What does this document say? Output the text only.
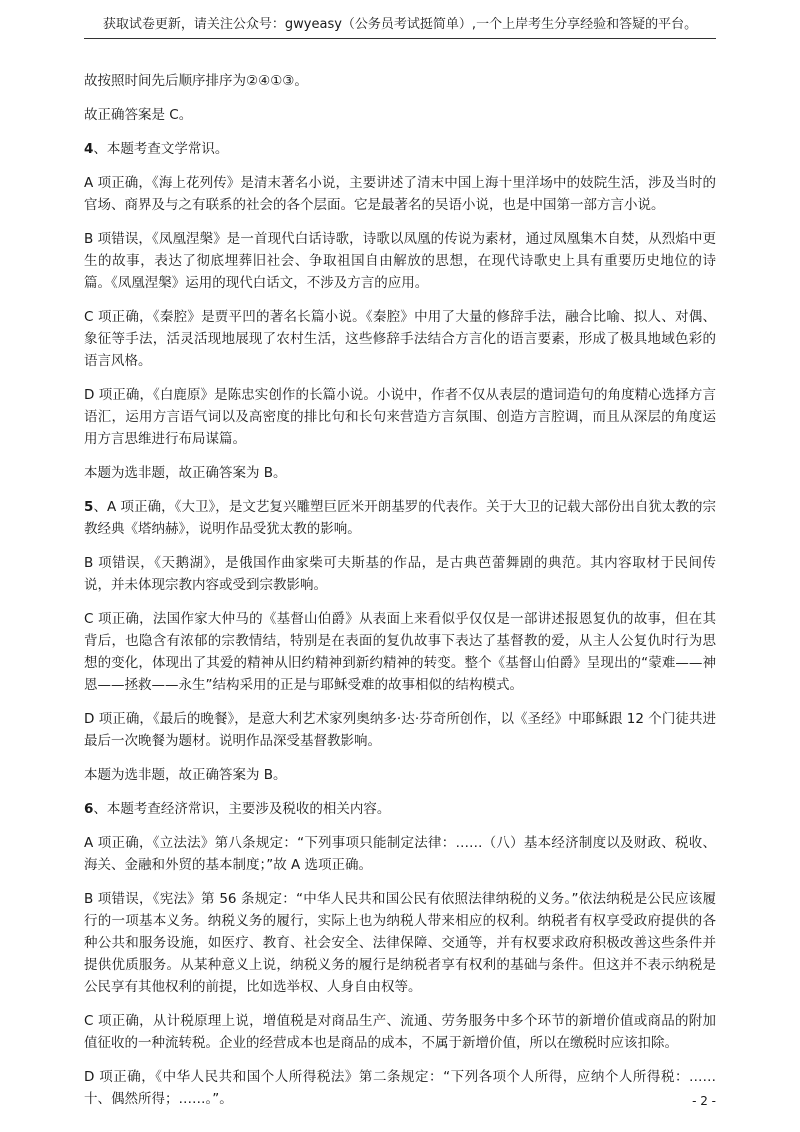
获取试卷更新，请关注公众号：gwyeasy（公务员考试挺简单）,一个上岸考生分享经验和答疑的平台。

故按照时间先后顺序排序为②④①③。

故正确答案是 C。

4、本题考查文学常识。

A 项正确，《海上花列传》是清末著名小说，主要讲述了清末中国上海十里洋场中的妓院生活，涉及当时的官场、商界及与之有联系的社会的各个层面。它是最著名的吴语小说，也是中国第一部方言小说。

B 项错误，《凤凰涅槃》是一首现代白话诗歌，诗歌以凤凰的传说为素材，通过凤凰集木自焚，从烈焰中更生的故事，表达了彻底埋葬旧社会、争取祖国自由解放的思想，在现代诗歌史上具有重要历史地位的诗篇。《凤凰涅槃》运用的现代白话文，不涉及方言的应用。

C 项正确，《秦腔》是贾平凹的著名长篇小说。《秦腔》中用了大量的修辞手法，融合比喻、拟人、对偶、象征等手法，活灵活现地展现了农村生活，这些修辞手法结合方言化的语言要素，形成了极具地域色彩的语言风格。

D 项正确，《白鹿原》是陈忠实创作的长篇小说。小说中，作者不仅从表层的遣词造句的角度精心选择方言语汇，运用方言语气词以及高密度的排比句和长句来营造方言氛围、创造方言腔调，而且从深层的角度运用方言思维进行布局谋篇。

本题为选非题，故正确答案为 B。

5、A 项正确，《大卫》，是文艺复兴雕塑巨匠米开朗基罗的代表作。关于大卫的记载大部份出自犹太教的宗教经典《塔纳赫》，说明作品受犹太教的影响。

B 项错误，《天鹅湖》，是俄国作曲家柴可夫斯基的作品，是古典芭蕾舞剧的典范。其内容取材于民间传说，并未体现宗教内容或受到宗教影响。

C 项正确，法国作家大仲马的《基督山伯爵》从表面上来看似乎仅仅是一部讲述报恩复仇的故事，但在其背后，也隐含有浓郁的宗教情结，特别是在表面的复仇故事下表达了基督教的爱，从主人公复仇时行为思想的变化，体现出了其爱的精神从旧约精神到新约精神的转变。整个《基督山伯爵》呈现出的“蒙难——神恩——拯救——永生”结构采用的正是与耶稣受难的故事相似的结构模式。

D 项正确，《最后的晚餐》，是意大利艺术家列奥纳多·达·芬奇所创作，以《圣经》中耶稣跟 12 个门徒共进最后一次晚餐为题材。说明作品深受基督教影响。

本题为选非题，故正确答案为 B。

6、本题考查经济常识，主要涉及税收的相关内容。

A 项正确，《立法法》第八条规定：“下列事项只能制定法律：……（八）基本经济制度以及财政、税收、海关、金融和外贸的基本制度；”故 A 选项正确。

B 项错误，《宪法》第 56 条规定：“中华人民共和国公民有依照法律纳税的义务。”依法纳税是公民应该履行的一项基本义务。纳税义务的履行，实际上也为纳税人带来相应的权利。纳税者有权享受政府提供的各种公共和服务设施，如医疗、教育、社会安全、法律保障、交通等，并有权要求政府积极改善这些条件并提供优质服务。从某种意义上说，纳税义务的履行是纳税者享有权利的基础与条件。但这并不表示纳税是公民享有其他权利的前提，比如选举权、人身自由权等。

C 项正确，从计税原理上说，增值税是对商品生产、流通、劳务服务中多个环节的新增价值或商品的附加值征收的一种流转税。企业的经营成本也是商品的成本，不属于新增价值，所以在缴税时应该扣除。

D 项正确，《中华人民共和国个人所得税法》第二条规定：“下列各项个人所得，应纳个人所得税：……十、偶然所得；……。”。	- 2 -
